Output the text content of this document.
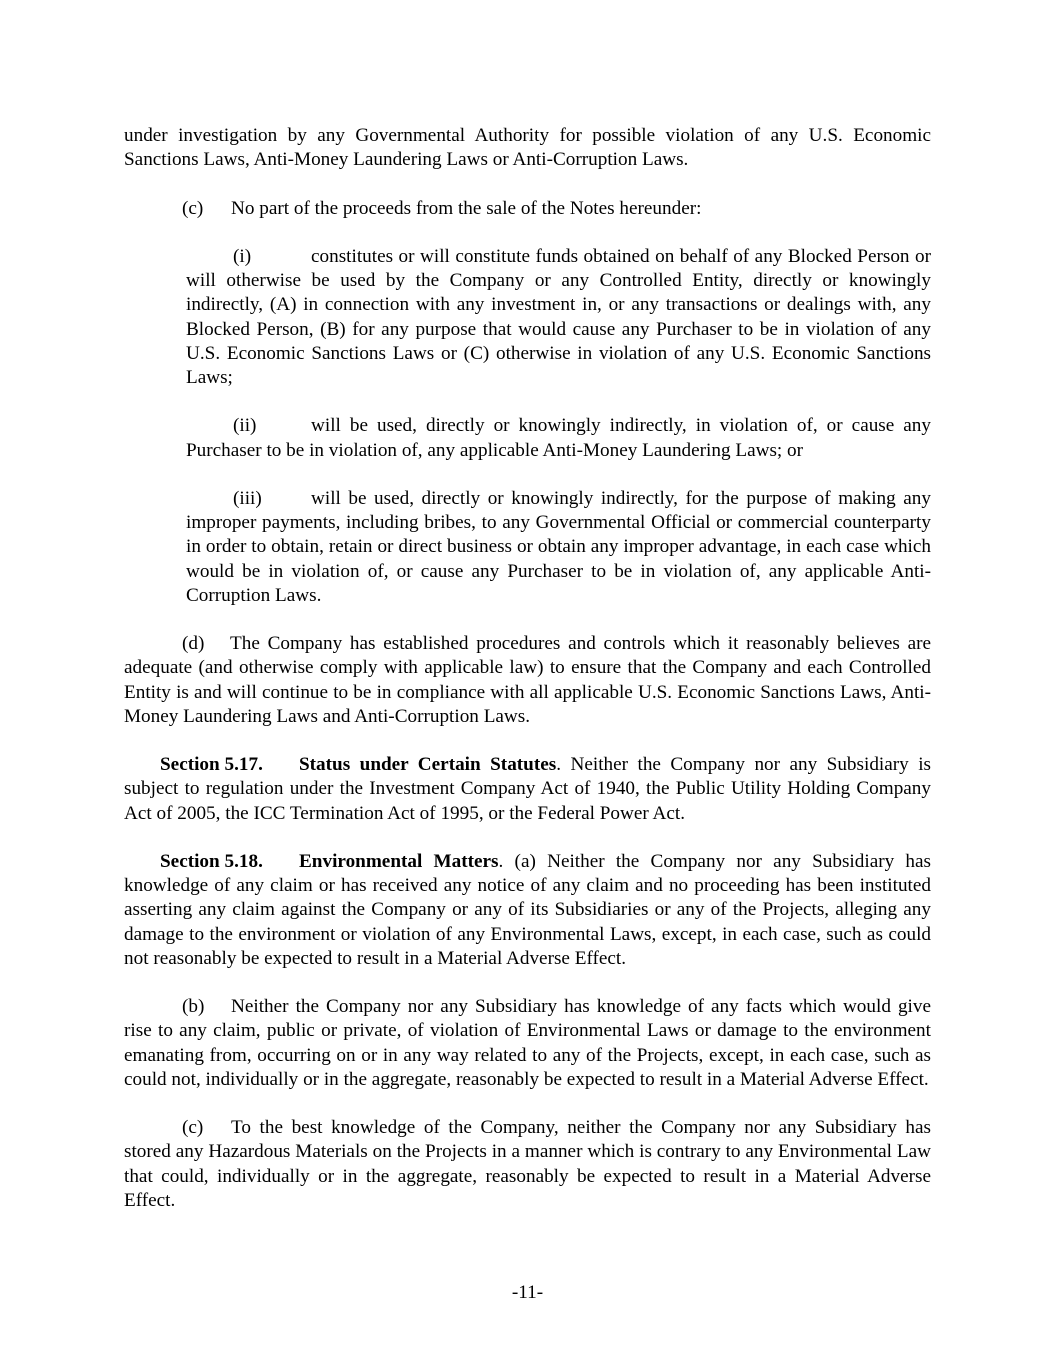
under investigation by any Governmental Authority for possible violation of any U.S. Economic Sanctions Laws, Anti-Money Laundering Laws or Anti-Corruption Laws.

(c) No part of the proceeds from the sale of the Notes hereunder:

(i)	constitutes or will constitute funds obtained on behalf of any Blocked Person or will otherwise be used by the Company or any Controlled Entity, directly or knowingly indirectly, (A) in connection with any investment in, or any transactions or dealings with, any Blocked Person, (B) for any purpose that would cause any Purchaser to be in violation of any U.S. Economic Sanctions Laws or (C) otherwise in violation of any U.S. Economic Sanctions Laws;

(ii)	will be used, directly or knowingly indirectly, in violation of, or cause any Purchaser to be in violation of, any applicable Anti-Money Laundering Laws; or

(iii)	will be used, directly or knowingly indirectly, for the purpose of making any improper payments, including bribes, to any Governmental Official or commercial counterparty in order to obtain, retain or direct business or obtain any improper advantage, in each case which would be in violation of, or cause any Purchaser to be in violation of, any applicable Anti-Corruption Laws.

(d) The Company has established procedures and controls which it reasonably believes are adequate (and otherwise comply with applicable law) to ensure that the Company and each Controlled Entity is and will continue to be in compliance with all applicable U.S. Economic Sanctions Laws, Anti-Money Laundering Laws and Anti-Corruption Laws.

Section 5.17. Status under Certain Statutes. Neither the Company nor any Subsidiary is subject to regulation under the Investment Company Act of 1940, the Public Utility Holding Company Act of 2005, the ICC Termination Act of 1995, or the Federal Power Act.

Section 5.18. Environmental Matters. (a) Neither the Company nor any Subsidiary has knowledge of any claim or has received any notice of any claim and no proceeding has been instituted asserting any claim against the Company or any of its Subsidiaries or any of the Projects, alleging any damage to the environment or violation of any Environmental Laws, except, in each case, such as could not reasonably be expected to result in a Material Adverse Effect.

(b) Neither the Company nor any Subsidiary has knowledge of any facts which would give rise to any claim, public or private, of violation of Environmental Laws or damage to the environment emanating from, occurring on or in any way related to any of the Projects, except, in each case, such as could not, individually or in the aggregate, reasonably be expected to result in a Material Adverse Effect.

(c) To the best knowledge of the Company, neither the Company nor any Subsidiary has stored any Hazardous Materials on the Projects in a manner which is contrary to any Environmental Law that could, individually or in the aggregate, reasonably be expected to result in a Material Adverse Effect.

-11-
